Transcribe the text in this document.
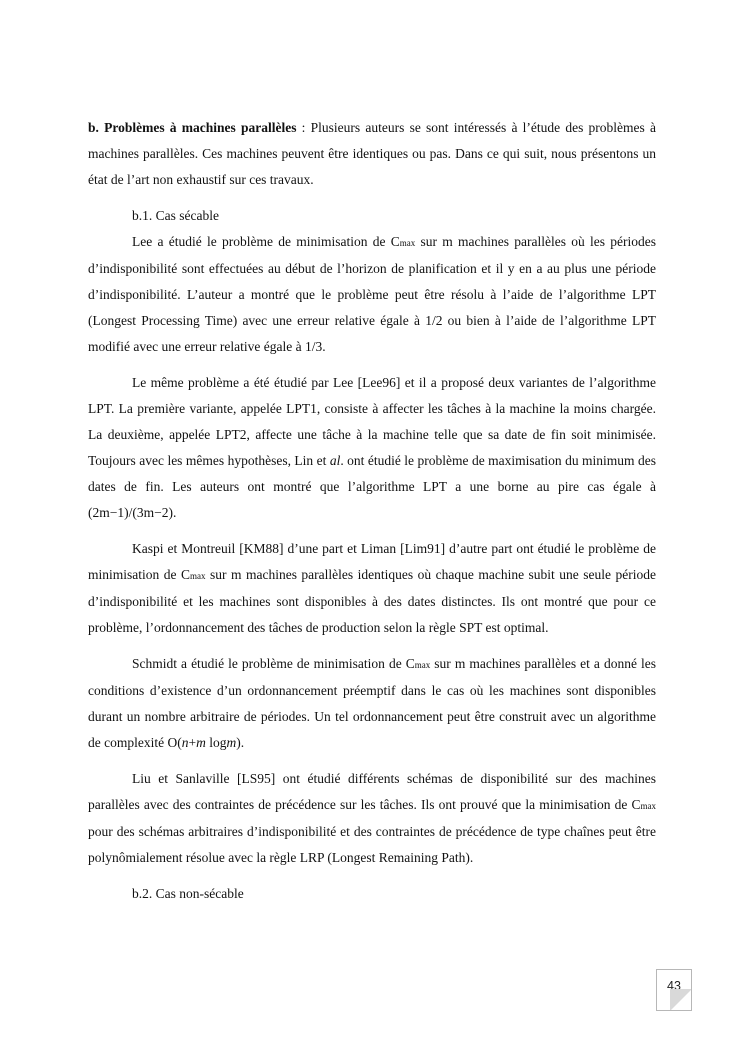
b. Problèmes à machines parallèles : Plusieurs auteurs se sont intéressés à l’étude des problèmes à machines parallèles. Ces machines peuvent être identiques ou pas. Dans ce qui suit, nous présentons un état de l’art non exhaustif sur ces travaux.

b.1. Cas sécable

Lee a étudié le problème de minimisation de Cmax sur m machines parallèles où les périodes d’indisponibilité sont effectuées au début de l’horizon de planification et il y en a au plus une période d’indisponibilité. L’auteur a montré que le problème peut être résolu à l’aide de l’algorithme LPT (Longest Processing Time) avec une erreur relative égale à 1/2 ou bien à l’aide de l’algorithme LPT modifié avec une erreur relative égale à 1/3.

Le même problème a été étudié par Lee [Lee96] et il a proposé deux variantes de l’algorithme LPT. La première variante, appelée LPT1, consiste à affecter les tâches à la machine la moins chargée. La deuxième, appelée LPT2, affecte une tâche à la machine telle que sa date de fin soit minimisée. Toujours avec les mêmes hypothèses, Lin et al. ont étudié le problème de maximisation du minimum des dates de fin. Les auteurs ont montré que l’algorithme LPT a une borne au pire cas égale à (2m−1)/(3m−2).

Kaspi et Montreuil [KM88] d’une part et Liman [Lim91] d’autre part ont étudié le problème de minimisation de Cmax sur m machines parallèles identiques où chaque machine subit une seule période d’indisponibilité et les machines sont disponibles à des dates distinctes. Ils ont montré que pour ce problème, l’ordonnancement des tâches de production selon la règle SPT est optimal.

Schmidt a étudié le problème de minimisation de Cmax sur m machines parallèles et a donné les conditions d’existence d’un ordonnancement préemptif dans le cas où les machines sont disponibles durant un nombre arbitraire de périodes. Un tel ordonnancement peut être construit avec un algorithme de complexité O(n+m logm).

Liu et Sanlaville [LS95] ont étudié différents schémas de disponibilité sur des machines parallèles avec des contraintes de précédence sur les tâches. Ils ont prouvé que la minimisation de Cmax pour des schémas arbitraires d’indisponibilité et des contraintes de précédence de type chaînes peut être polynômialement résolue avec la règle LRP (Longest Remaining Path).

b.2. Cas non-sécable

43
